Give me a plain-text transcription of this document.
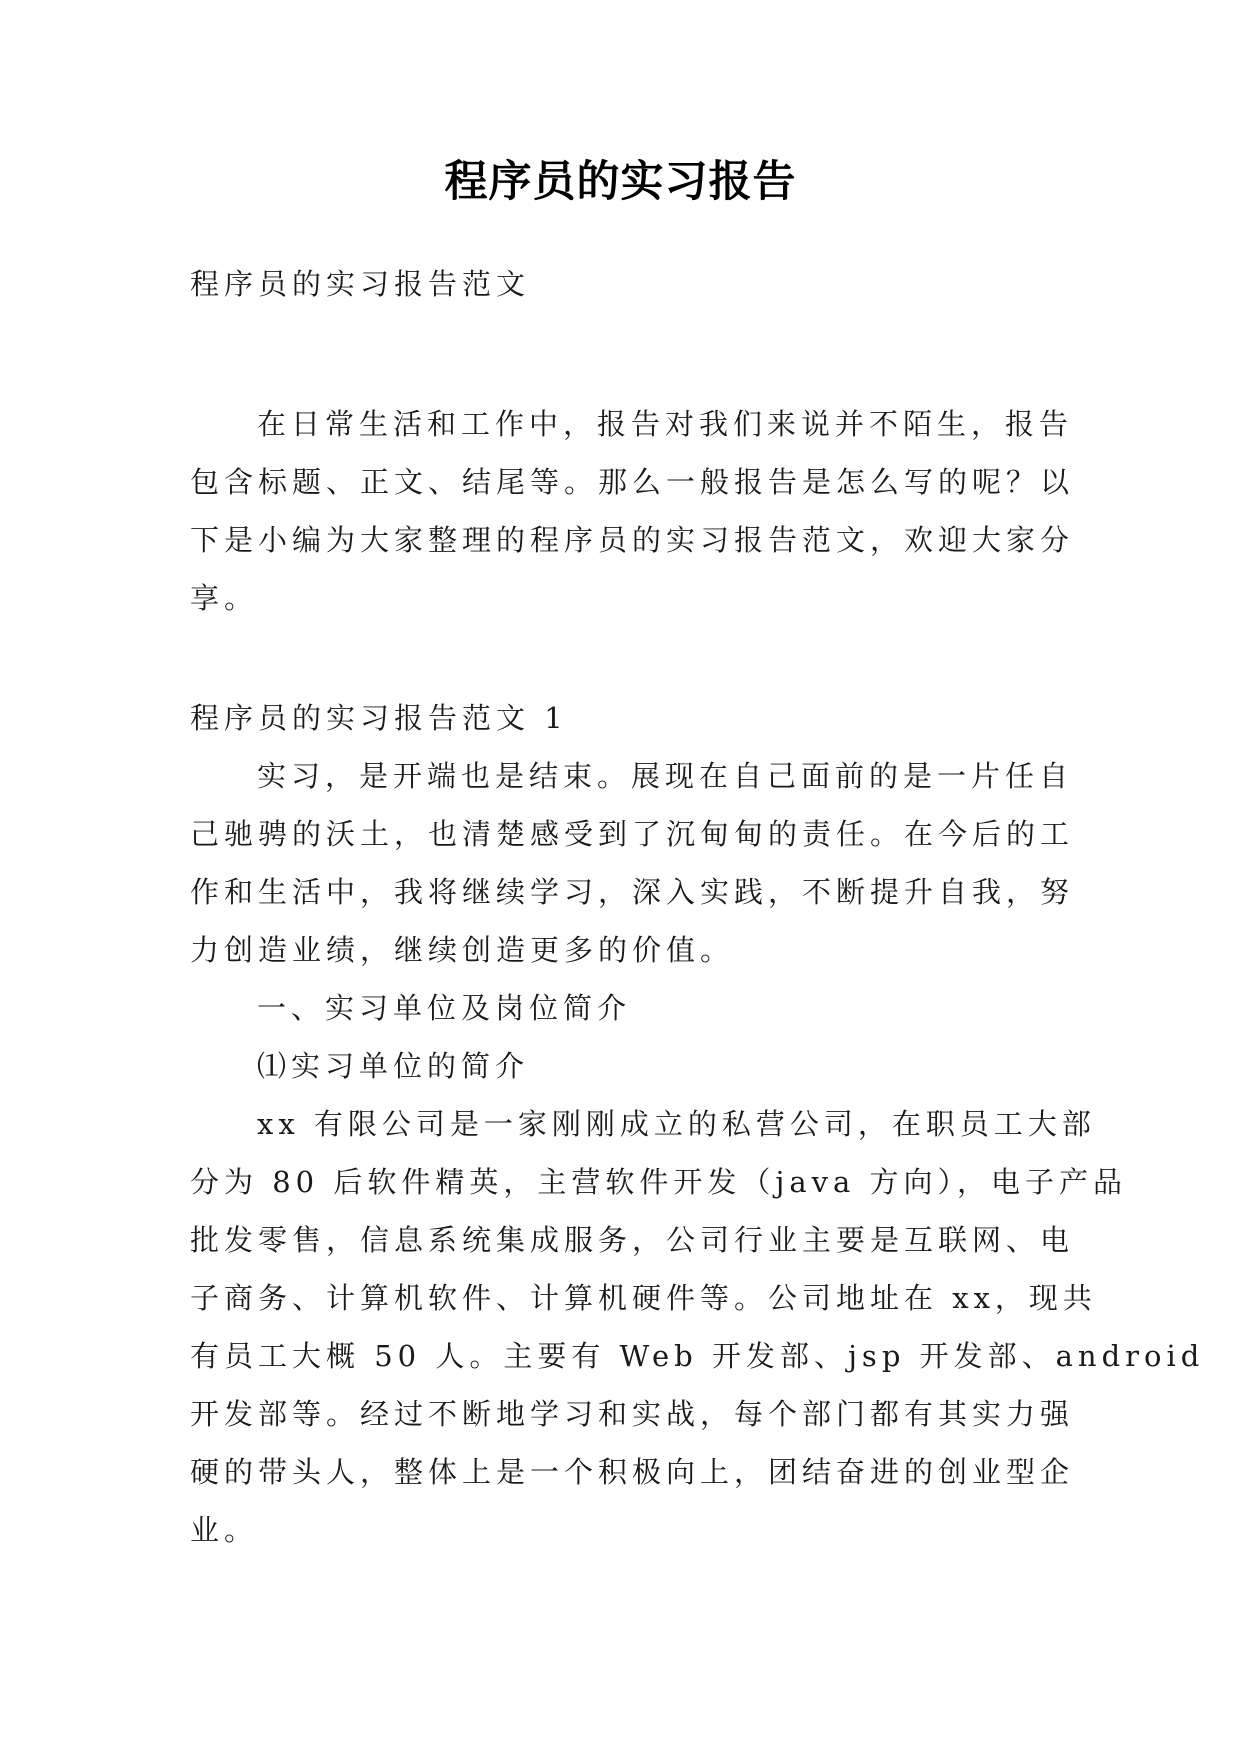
程序员的实习报告

程序员的实习报告范文

在日常生活和工作中，报告对我们来说并不陌生，报告

包含标题、正文、结尾等。那么一般报告是怎么写的呢？以

下是小编为大家整理的程序员的实习报告范文，欢迎大家分

享。

程序员的实习报告范文 1

实习，是开端也是结束。展现在自己面前的是一片任自

己驰骋的沃土，也清楚感受到了沉甸甸的责任。在今后的工

作和生活中，我将继续学习，深入实践，不断提升自我，努

力创造业绩，继续创造更多的价值。

一、实习单位及岗位简介

⑴实习单位的简介

xx 有限公司是一家刚刚成立的私营公司，在职员工大部

分为 80 后软件精英，主营软件开发（java 方向），电子产品

批发零售，信息系统集成服务，公司行业主要是互联网、电

子商务、计算机软件、计算机硬件等。公司地址在 xx，现共

有员工大概 50 人。主要有 Web 开发部、jsp 开发部、android

开发部等。经过不断地学习和实战，每个部门都有其实力强

硬的带头人，整体上是一个积极向上，团结奋进的创业型企

业。
